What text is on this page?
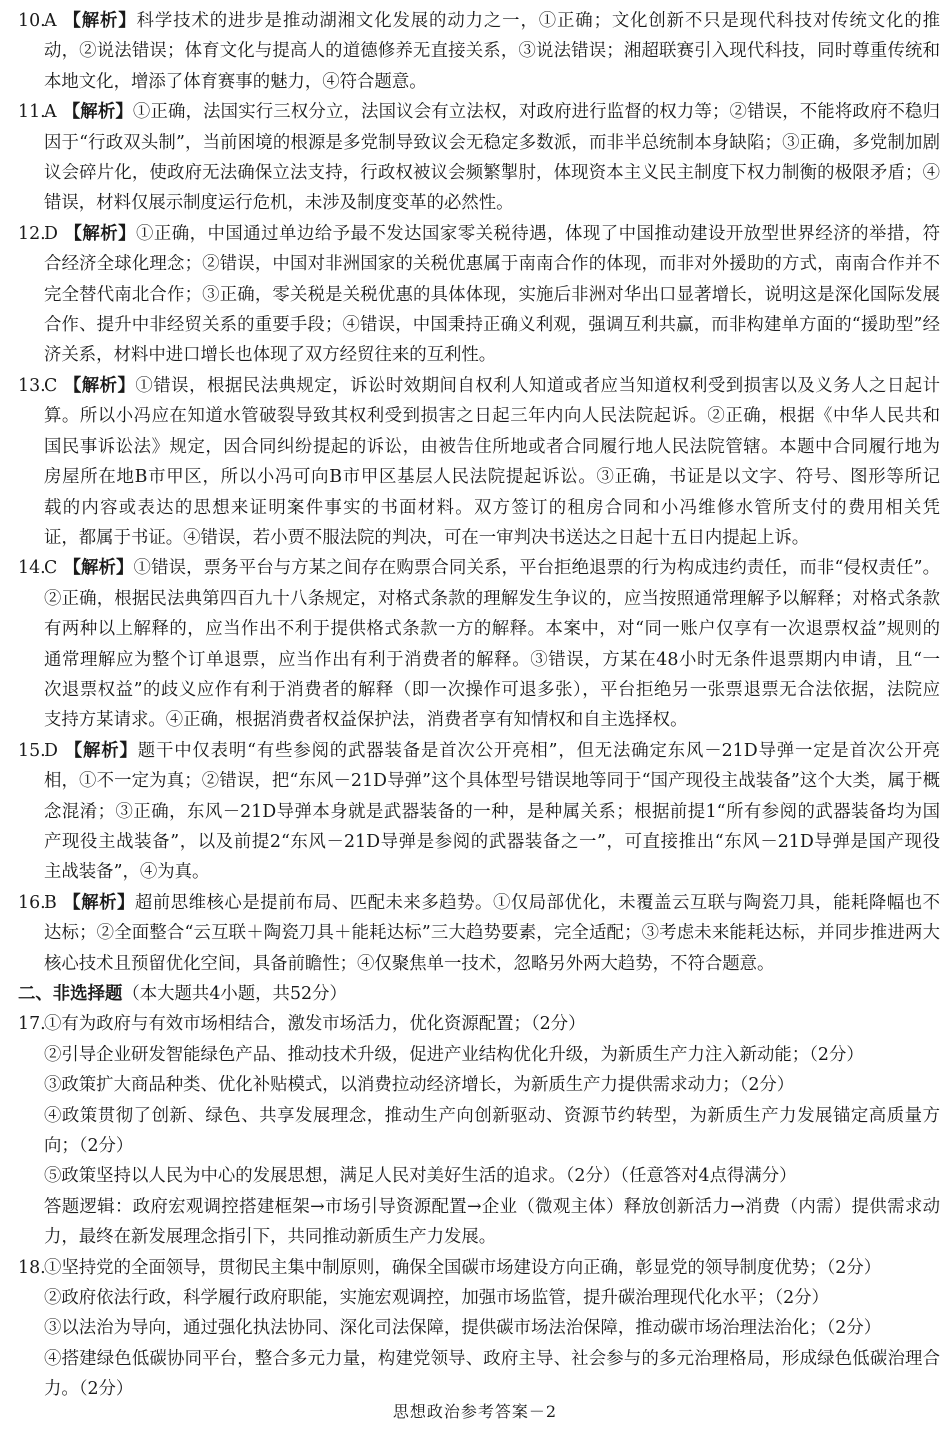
10.
A 【解析】科学技术的进步是推动湖湘文化发展的动力之一，①正确；文化创新不只是现代科技对传统文化的推
动，②说法错误；体育文化与提高人的道德修养无直接关系，③说法错误；湘超联赛引入现代科技，同时尊重传统和
本地文化，增添了体育赛事的魅力，④符合题意。
11.
A 【解析】①正确，法国实行三权分立，法国议会有立法权，对政府进行监督的权力等；②错误，不能将政府不稳归
因于“行政双头制”，当前困境的根源是多党制导致议会无稳定多数派，而非半总统制本身缺陷；③正确，多党制加剧
议会碎片化，使政府无法确保立法支持，行政权被议会频繁掣肘，体现资本主义民主制度下权力制衡的极限矛盾；④
错误，材料仅展示制度运行危机，未涉及制度变革的必然性。
12.
D 【解析】①正确，中国通过单边给予最不发达国家零关税待遇，体现了中国推动建设开放型世界经济的举措，符
合经济全球化理念；②错误，中国对非洲国家的关税优惠属于南南合作的体现，而非对外援助的方式，南南合作并不
完全替代南北合作；③正确，零关税是关税优惠的具体体现，实施后非洲对华出口显著增长，说明这是深化国际发展
合作、提升中非经贸关系的重要手段；④错误，中国秉持正确义利观，强调互利共赢，而非构建单方面的“援助型”经
济关系，材料中进口增长也体现了双方经贸往来的互利性。
13.
C 【解析】①错误，根据民法典规定，诉讼时效期间自权利人知道或者应当知道权利受到损害以及义务人之日起计
算。所以小冯应在知道水管破裂导致其权利受到损害之日起三年内向人民法院起诉。②正确，根据《中华人民共和
国民事诉讼法》规定，因合同纠纷提起的诉讼，由被告住所地或者合同履行地人民法院管辖。本题中合同履行地为
房屋所在地B市甲区，所以小冯可向B市甲区基层人民法院提起诉讼。③正确，书证是以文字、符号、图形等所记
载的内容或表达的思想来证明案件事实的书面材料。双方签订的租房合同和小冯维修水管所支付的费用相关凭
证，都属于书证。④错误，若小贾不服法院的判决，可在一审判决书送达之日起十五日内提起上诉。
14.
C 【解析】①错误，票务平台与方某之间存在购票合同关系，平台拒绝退票的行为构成违约责任，而非“侵权责任”。
②正确，根据民法典第四百九十八条规定，对格式条款的理解发生争议的，应当按照通常理解予以解释；对格式条款
有两种以上解释的，应当作出不利于提供格式条款一方的解释。本案中，对“同一账户仅享有一次退票权益”规则的
通常理解应为整个订单退票，应当作出有利于消费者的解释。③错误，方某在48小时无条件退票期内申请，且“一
次退票权益”的歧义应作有利于消费者的解释（即一次操作可退多张），平台拒绝另一张票退票无合法依据，法院应
支持方某请求。④正确，根据消费者权益保护法，消费者享有知情权和自主选择权。
15.
D 【解析】题干中仅表明“有些参阅的武器装备是首次公开亮相”，但无法确定东风－21D导弹一定是首次公开亮
相，①不一定为真；②错误，把“东风－21D导弹”这个具体型号错误地等同于“国产现役主战装备”这个大类，属于概
念混淆；③正确，东风－21D导弹本身就是武器装备的一种，是种属关系；根据前提1“所有参阅的武器装备均为国
产现役主战装备”，以及前提2“东风－21D导弹是参阅的武器装备之一”，可直接推出“东风－21D导弹是国产现役
主战装备”，④为真。
16.
B 【解析】超前思维核心是提前布局、匹配未来多趋势。①仅局部优化，未覆盖云互联与陶瓷刀具，能耗降幅也不
达标；②全面整合“云互联＋陶瓷刀具＋能耗达标”三大趋势要素，完全适配；③考虑未来能耗达标，并同步推进两大
核心技术且预留优化空间，具备前瞻性；④仅聚焦单一技术，忽略另外两大趋势，不符合题意。
二、非选择题（本大题共4小题，共52分）
17.
①有为政府与有效市场相结合，激发市场活力，优化资源配置；（2分）
②引导企业研发智能绿色产品、推动技术升级，促进产业结构优化升级，为新质生产力注入新动能；（2分）
③政策扩大商品种类、优化补贴模式，以消费拉动经济增长，为新质生产力提供需求动力；（2分）
④政策贯彻了创新、绿色、共享发展理念，推动生产向创新驱动、资源节约转型，为新质生产力发展锚定高质量方
向；（2分）
⑤政策坚持以人民为中心的发展思想，满足人民对美好生活的追求。（2分）（任意答对4点得满分）
答题逻辑：政府宏观调控搭建框架→市场引导资源配置→企业（微观主体）释放创新活力→消费（内需）提供需求动
力，最终在新发展理念指引下，共同推动新质生产力发展。
18.
①坚持党的全面领导，贯彻民主集中制原则，确保全国碳市场建设方向正确，彰显党的领导制度优势；（2分）
②政府依法行政，科学履行政府职能，实施宏观调控，加强市场监管，提升碳治理现代化水平；（2分）
③以法治为导向，通过强化执法协同、深化司法保障，提供碳市场法治保障，推动碳市场治理法治化；（2分）
④搭建绿色低碳协同平台，整合多元力量，构建党领导、政府主导、社会参与的多元治理格局，形成绿色低碳治理合
力。（2分）
思想政治参考答案－2
